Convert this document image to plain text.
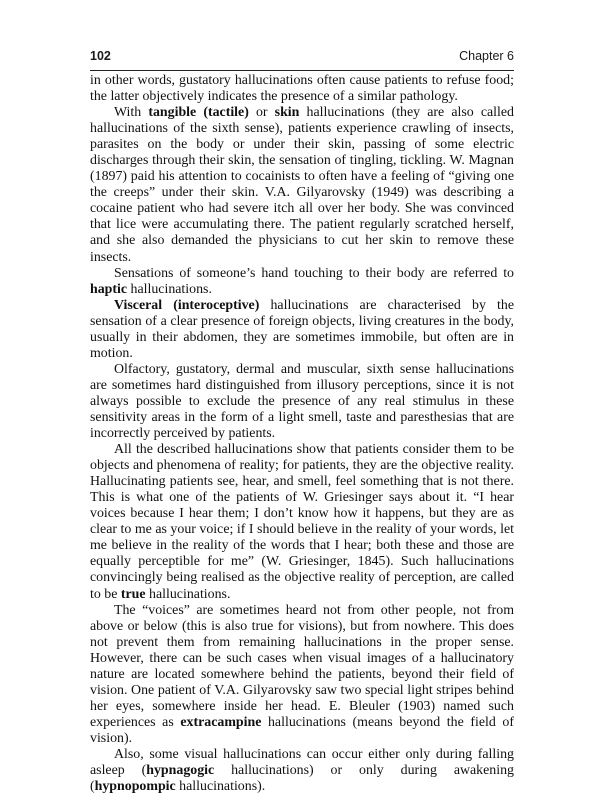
102	Chapter 6

in other words, gustatory hallucinations often cause patients to refuse food; the latter objectively indicates the presence of a similar pathology.

With tangible (tactile) or skin hallucinations (they are also called hallucinations of the sixth sense), patients experience crawling of insects, parasites on the body or under their skin, passing of some electric discharges through their skin, the sensation of tingling, tickling. W. Magnan (1897) paid his attention to cocainists to often have a feeling of “giving one the creeps” under their skin. V.A. Gilyarovsky (1949) was describing a cocaine patient who had severe itch all over her body. She was convinced that lice were accumulating there. The patient regularly scratched herself, and she also demanded the physicians to cut her skin to remove these insects.

Sensations of someone’s hand touching to their body are referred to haptic hallucinations.

Visceral (interoceptive) hallucinations are characterised by the sensation of a clear presence of foreign objects, living creatures in the body, usually in their abdomen, they are sometimes immobile, but often are in motion.

Olfactory, gustatory, dermal and muscular, sixth sense hallucinations are sometimes hard distinguished from illusory perceptions, since it is not always possible to exclude the presence of any real stimulus in these sensitivity areas in the form of a light smell, taste and paresthesias that are incorrectly perceived by patients.

All the described hallucinations show that patients consider them to be objects and phenomena of reality; for patients, they are the objective reality. Hallucinating patients see, hear, and smell, feel something that is not there. This is what one of the patients of W. Griesinger says about it. “I hear voices because I hear them; I don’t know how it happens, but they are as clear to me as your voice; if I should believe in the reality of your words, let me believe in the reality of the words that I hear; both these and those are equally perceptible for me” (W. Griesinger, 1845). Such hallucinations convincingly being realised as the objective reality of perception, are called to be true hallucinations.

The “voices” are sometimes heard not from other people, not from above or below (this is also true for visions), but from nowhere. This does not prevent them from remaining hallucinations in the proper sense. However, there can be such cases when visual images of a hallucinatory nature are located somewhere behind the patients, beyond their field of vision. One patient of V.A. Gilyarovsky saw two special light stripes behind her eyes, somewhere inside her head. E. Bleuler (1903) named such experiences as extracampine hallucinations (means beyond the field of vision).

Also, some visual hallucinations can occur either only during falling asleep (hypnagogic hallucinations) or only during awakening (hypnopompic hallucinations).
